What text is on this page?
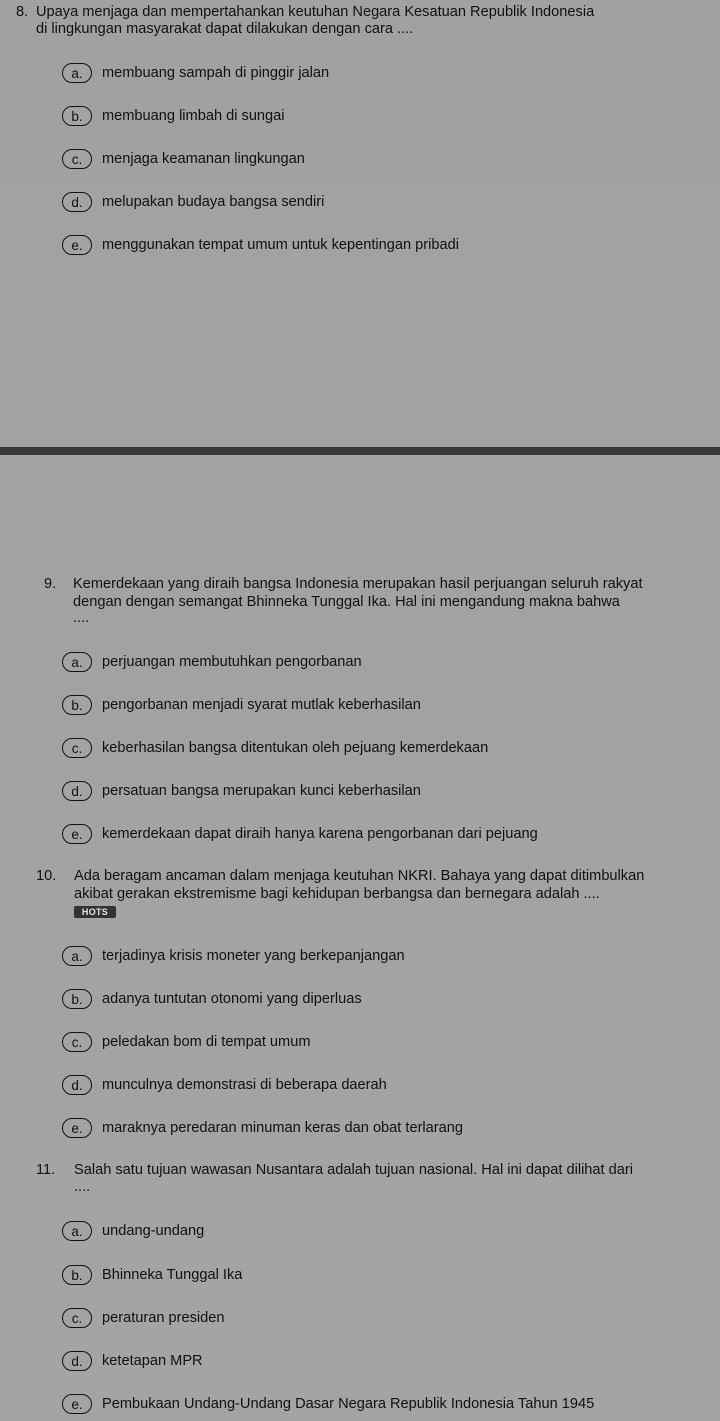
8. Upaya menjaga dan mempertahankan keutuhan Negara Kesatuan Republik Indonesia
di lingkungan masyarakat dapat dilakukan dengan cara ....
a.	membuang sampah di pinggir jalan
b.	membuang limbah di sungai
c.	menjaga keamanan lingkungan
d.	melupakan budaya bangsa sendiri
e.	menggunakan tempat umum untuk kepentingan pribadi
9. Kemerdekaan yang diraih bangsa Indonesia merupakan hasil perjuangan seluruh rakyat
dengan dengan semangat Bhinneka Tunggal Ika. Hal ini mengandung makna bahwa
....
a.	perjuangan membutuhkan pengorbanan
b.	pengorbanan menjadi syarat mutlak keberhasilan
c.	keberhasilan bangsa ditentukan oleh pejuang kemerdekaan
d.	persatuan bangsa merupakan kunci keberhasilan
e.	kemerdekaan dapat diraih hanya karena pengorbanan dari pejuang
10. Ada beragam ancaman dalam menjaga keutuhan NKRI. Bahaya yang dapat ditimbulkan
akibat gerakan ekstremisme bagi kehidupan berbangsa dan bernegara adalah ....
HOTS
a.	terjadinya krisis moneter yang berkepanjangan
b.	adanya tuntutan otonomi yang diperluas
c.	peledakan bom di tempat umum
d.	munculnya demonstrasi di beberapa daerah
e.	maraknya peredaran minuman keras dan obat terlarang
11. Salah satu tujuan wawasan Nusantara adalah tujuan nasional. Hal ini dapat dilihat dari
....
a.	undang-undang
b.	Bhinneka Tunggal Ika
c.	peraturan presiden
d.	ketetapan MPR
e.	Pembukaan Undang-Undang Dasar Negara Republik Indonesia Tahun 1945
